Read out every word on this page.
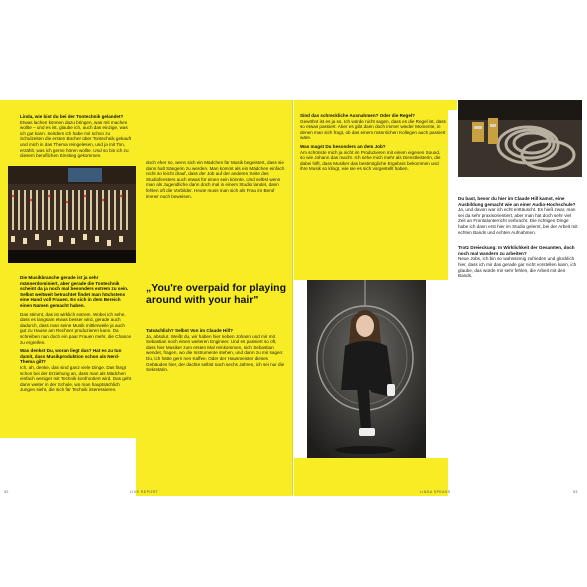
Linda, wie bist du bei der Tontechnik gelandet?
Etwas lachen können dazu bringen, was mit machen wollte – und es ist, glaube ich, auch das einzige, was ich gut kann. Seitdem ich habe mir schon zu Schulzeiten die ersten Bücher über Tontechnik gekauft und mich in das Thema reingelesen, und ja mit Ton, erzählt, was ich gerne hören wollte. Und so bin ich zu diesem beruflichen Einstieg gekommen.

Die Musikbranche gerade ist ja sehr männerdominiert, aber gerade die Tontechnik scheint da ja noch mal besonders extrem zu sein. Selbst weltweit betrachtet findet man höchstens eine Hand voll Frauen. Es sich in dem Bereich einen Namen gemacht haben.

Das stimmt, das ist wirklich extrem. Wobei ich sehe, dass es langsam etwas besser wird, gerade auch dadurch, dass man seine Musik mittlerweile ja auch gut zu Hause am Rechner produzieren kann. Da schreiben nun doch ein paar Frauen mehr, die Chance zu ergreifen.

Was denkst Du, woran liegt das? Hat es zu tun damit, dass Musikproduktion schon als Nerd-Thema gilt?
Ich, ah, denke, das sind ganz viele Dinge. Das fängt schon bei der Erziehung an, dass man als Mädchen einfach weniger mit Technik konfrontiert wird. Das geht dann weiter in der Schule, wo man hauptsächlich Jungen sieht, die sich für Technik interessieren.

doch eher so, wenn sich ein Mädchen für Musik begeistert, dass sie dann halt Sängerin zu werden. Man kommt als ein Mädchen einfach nicht so leicht drauf, dass der Job auf der anderen Seite des Studiofensters auch etwas für einen sein könnte. Und selbst wenn man als Jugendliche dann doch mal in einem Studio landet, dann fehlen oft die Vorbilder. Heute muss man sich als Frau im Beruf immer noch beweisen.

„You're overpaid for playing around with your hair"

Tatsächlich? Selbst Von im Claude Hill?
Ja, absolut. Weißt du, wir haben hier neben Johann und mir mit Sebastian noch einen weiteren Engineer. Und es passiert so oft, dass hier Musiker zum ersten Mal reinkommen, sich Sebastian wendet, fragen, wo die Instrumente stehen, und dann zu mir sagen: Du, ich hätte gern nen Kaffee. Oder der Hausmeister dieses Gebäudes hier, der dachte selbst nach sechs Jahren, ich sei nur die Sekretärin.

Sind das schreckliche Ausnahmen? Oder die Regel?
Gewöhnt ist es ja so. Ich würde nicht sagen, dass es die Regel ist, dass so etwas passiert. Aber es gibt dann doch immer wieder Momente, in denen man sich fragt, ob das einem männlichen Kollegen auch passiert wäre.

Was magst Du besonders an dem Job?
Am schönste mich ja nicht im Produzieren mit einem eigenen Sound, so wie Johann das macht. Ich sehe mich mehr als Dienstleisterin, die dabei hilft, dass Musiker das bestmögliche Ergebnis bekommen und ihre Musik so klingt, wie sie es sich vorgestellt haben.

Du bast, bevor du hier im Claude Hill kamst, eine Ausbildung gemacht wie an einer Audio-Hochschule?
Ja, und davon war ich echt enttäuscht. Es hieß zwar, man sei da sehr praxisorientiert, aber man hat doch sehr viel Zeit an Frontalunterricht verbracht. Die richtigen Dinge habe ich dann erst hier im Studio gelernt, bei der Arbeit mit echten Bands und echten Aufnahmen.

Trotz Dreieckung: In Wirklichkeit der Gesamten, doch noch mal wandern zu arbeiten?
Neue Jobs, ich bin so wahnsinnig zufrieden und glücklich hier, dass ich mir das gerade gar nicht vorstellen kann, ich glaube, das würde mir sehr fehlen, die Arbeit mit den Bands.

92	LIVE REPORT	LINDA SPEAKS	93
